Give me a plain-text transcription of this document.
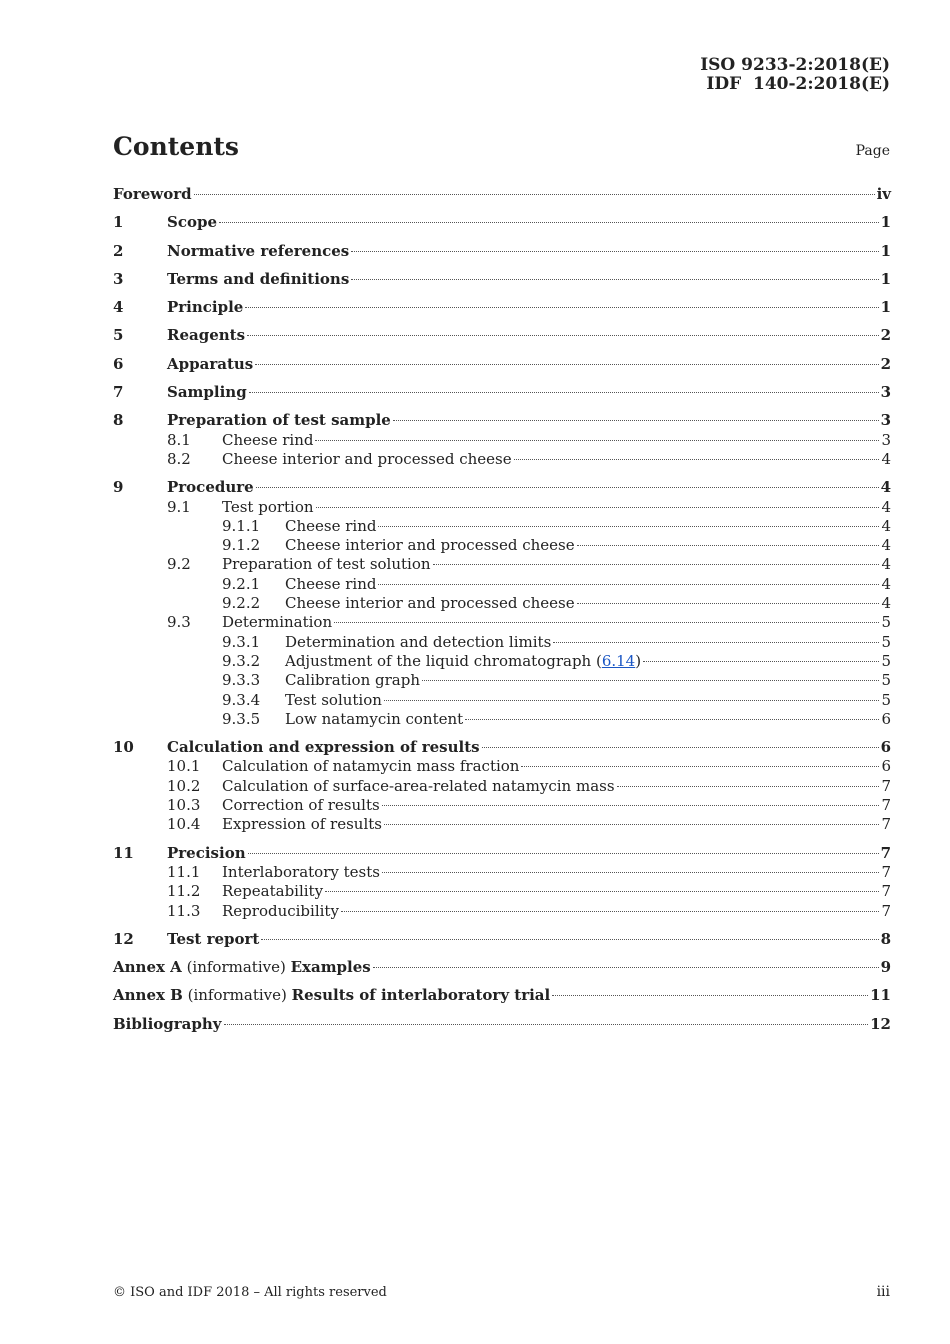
ISO 9233-2:2018(E)
IDF  140-2:2018(E)
Contents	Page
Foreword	iv
1	Scope	1
2	Normative references	1
3	Terms and definitions	1
4	Principle	1
5	Reagents	2
6	Apparatus	2
7	Sampling	3
8	Preparation of test sample	3
8.1	Cheese rind	3
8.2	Cheese interior and processed cheese	4
9	Procedure	4
9.1	Test portion	4
9.1.1	Cheese rind	4
9.1.2	Cheese interior and processed cheese	4
9.2	Preparation of test solution	4
9.2.1	Cheese rind	4
9.2.2	Cheese interior and processed cheese	4
9.3	Determination	5
9.3.1	Determination and detection limits	5
9.3.2	Adjustment of the liquid chromatograph (6.14)	5
9.3.3	Calibration graph	5
9.3.4	Test solution	5
9.3.5	Low natamycin content	6
10	Calculation and expression of results	6
10.1	Calculation of natamycin mass fraction	6
10.2	Calculation of surface-area-related natamycin mass	7
10.3	Correction of results	7
10.4	Expression of results	7
11	Precision	7
11.1	Interlaboratory tests	7
11.2	Repeatability	7
11.3	Reproducibility	7
12	Test report	8
Annex A (informative) Examples	9
Annex B (informative) Results of interlaboratory trial	11
Bibliography	12
© ISO and IDF 2018 – All rights reserved	iii
